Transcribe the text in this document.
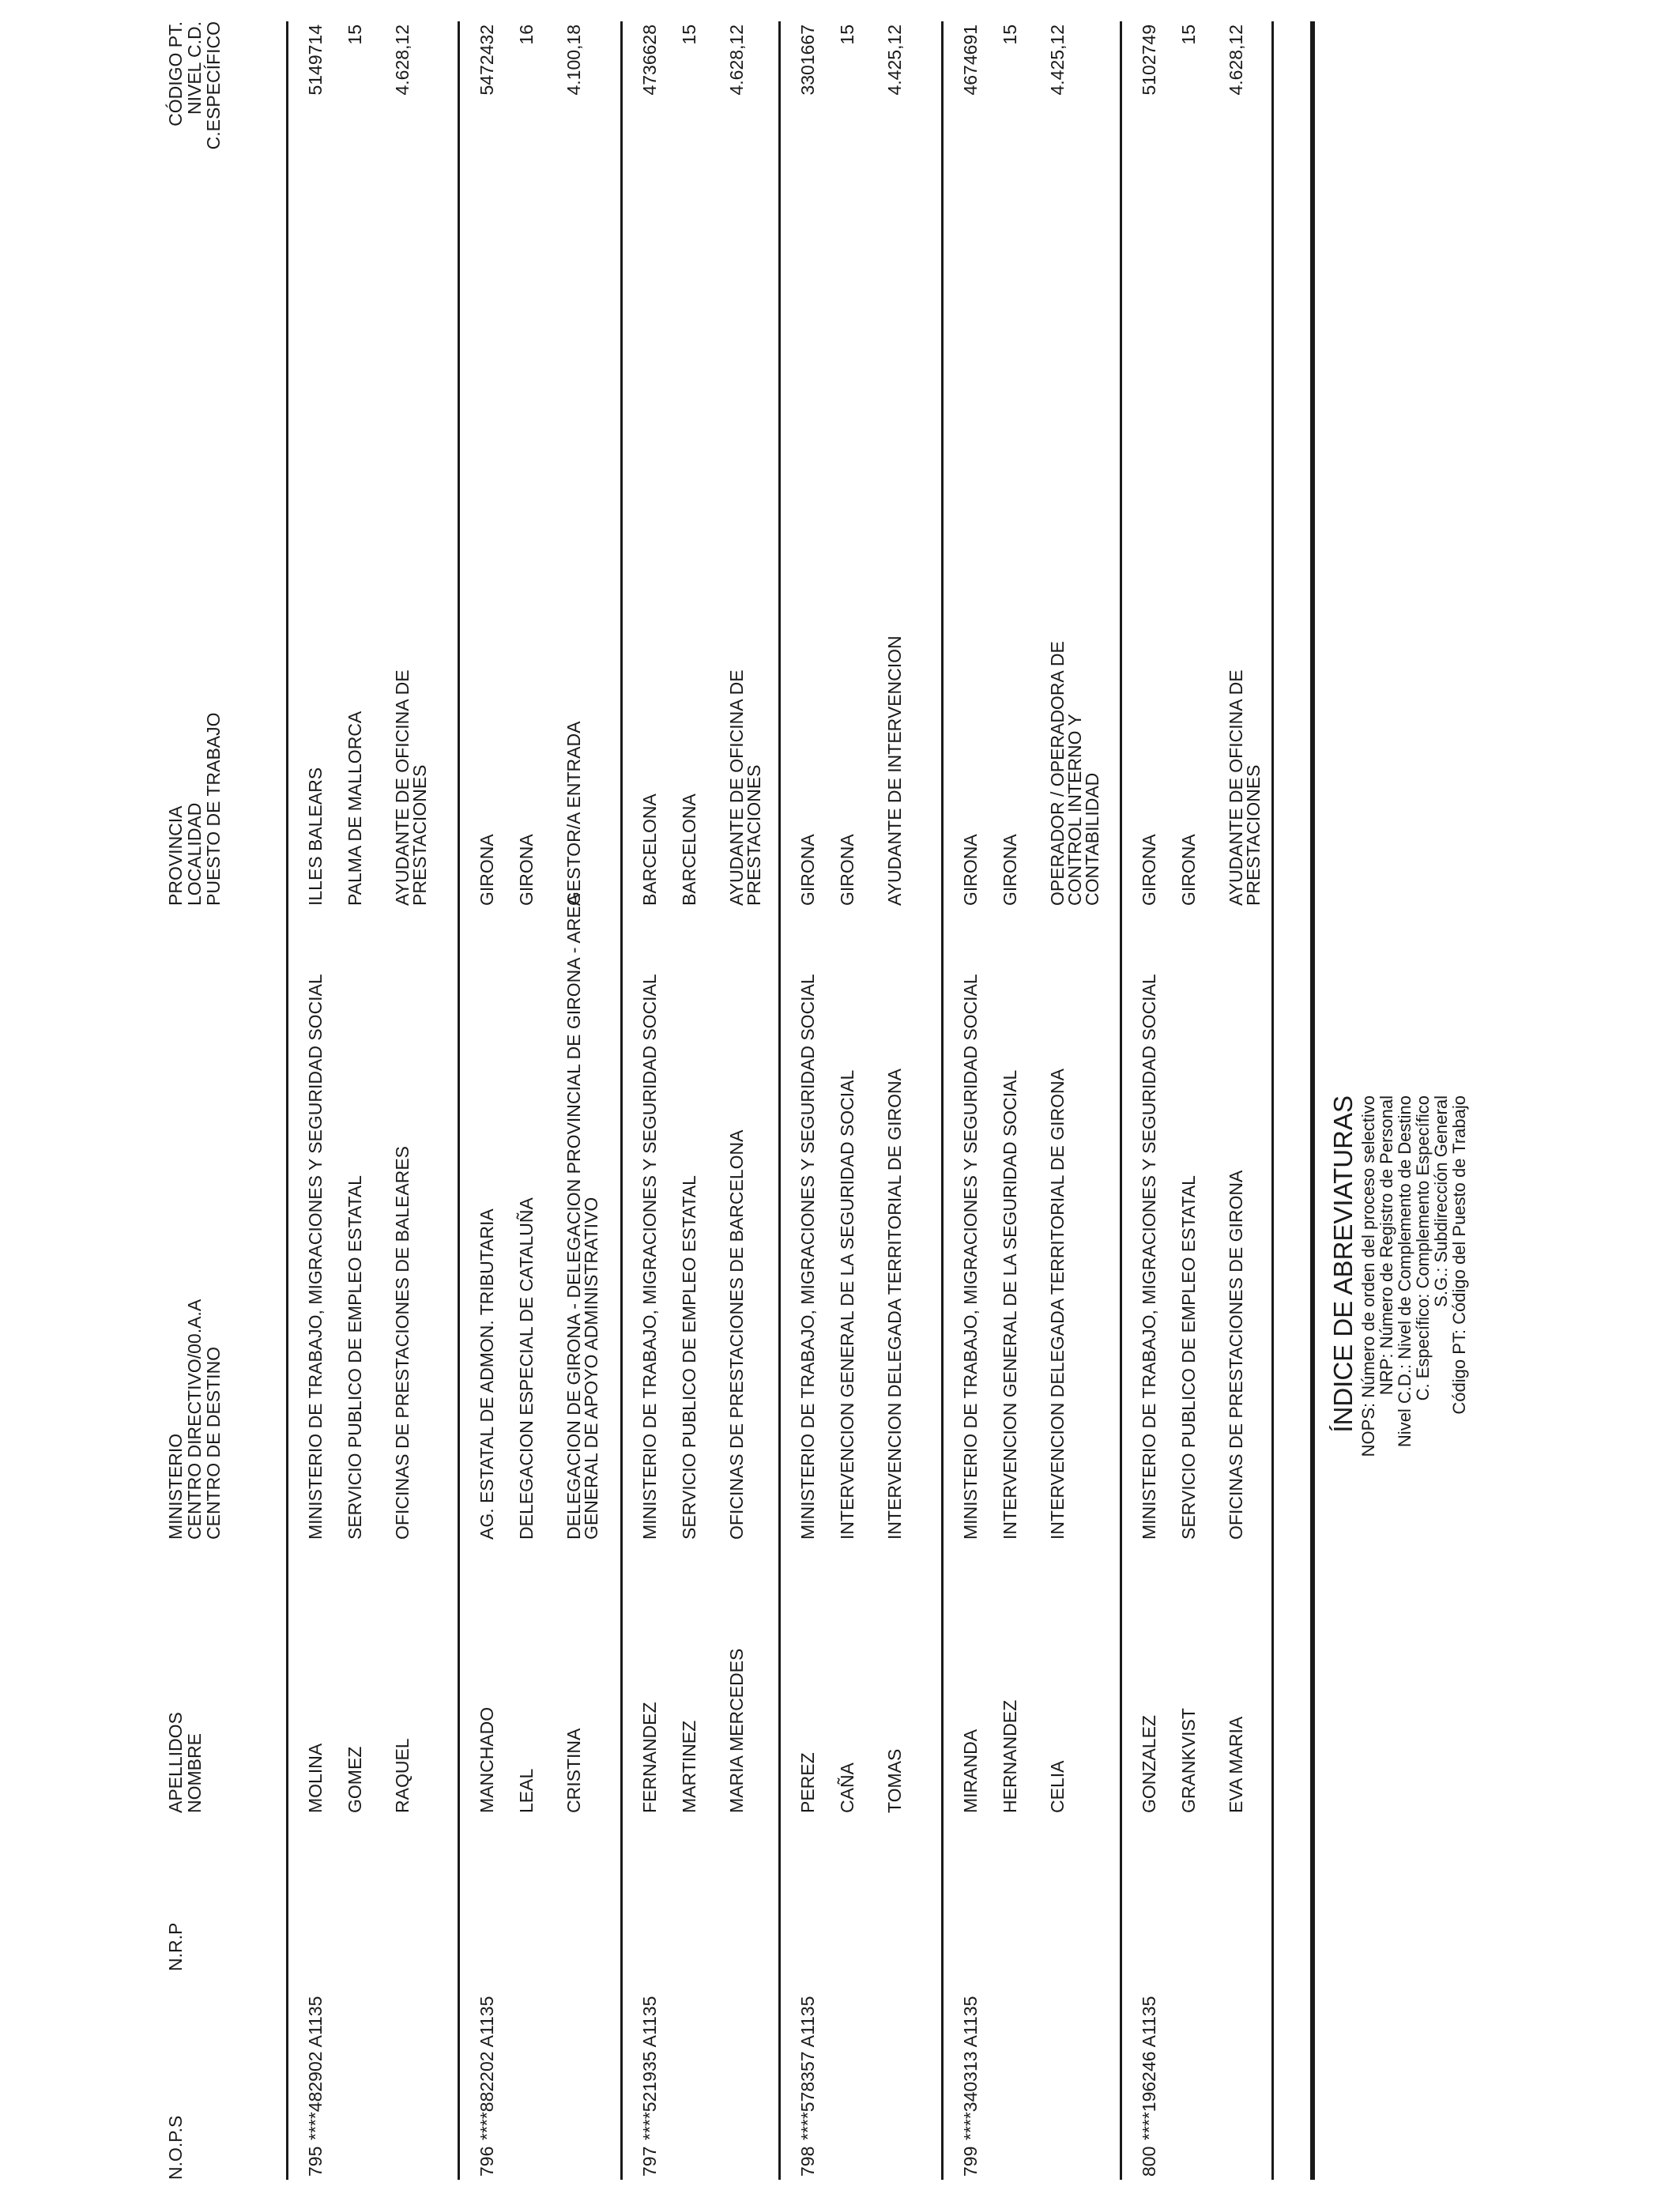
N.O.P.S
N.R.P
APELLIDOS
NOMBRE
MINISTERIO
CENTRO DIRECTIVO/00.A.A
CENTRO DE DESTINO
PROVINCIA
LOCALIDAD
PUESTO DE TRABAJO
CÓDIGO PT.
NIVEL C.D.
C.ESPECÍFICO
795
****482902 A1135
MOLINA GOMEZ RAQUEL
MINISTERIO DE TRABAJO, MIGRACIONES Y SEGURIDAD SOCIAL SERVICIO PUBLICO DE EMPLEO ESTATAL OFICINAS DE PRESTACIONES DE BALEARES
ILLES BALEARS PALMA DE MALLORCA AYUDANTE DE OFICINA DE
PRESTACIONES
5149714 15 4.628,12
796
****882202 A1135
MANCHADO LEAL CRISTINA
AG. ESTATAL DE ADMON. TRIBUTARIA DELEGACION ESPECIAL DE CATALUÑA DELEGACION DE GIRONA - DELEGACION PROVINCIAL DE GIRONA - AREA
GENERAL DE APOYO ADMINISTRATIVO
GIRONA GIRONA GESTOR/A ENTRADA
5472432 16 4.100,18
797
****521935 A1135
FERNANDEZ MARTINEZ MARIA MERCEDES
MINISTERIO DE TRABAJO, MIGRACIONES Y SEGURIDAD SOCIAL SERVICIO PUBLICO DE EMPLEO ESTATAL OFICINAS DE PRESTACIONES DE BARCELONA
BARCELONA BARCELONA AYUDANTE DE OFICINA DE
PRESTACIONES
4736628 15 4.628,12
798
****578357 A1135
PEREZ CAÑA TOMAS
MINISTERIO DE TRABAJO, MIGRACIONES Y SEGURIDAD SOCIAL INTERVENCION GENERAL DE LA SEGURIDAD SOCIAL INTERVENCION DELEGADA TERRITORIAL DE GIRONA
GIRONA GIRONA AYUDANTE DE INTERVENCION
3301667 15 4.425,12
799
****340313 A1135
MIRANDA HERNANDEZ CELIA
MINISTERIO DE TRABAJO, MIGRACIONES Y SEGURIDAD SOCIAL INTERVENCION GENERAL DE LA SEGURIDAD SOCIAL INTERVENCION DELEGADA TERRITORIAL DE GIRONA
GIRONA GIRONA OPERADOR / OPERADORA DE
CONTROL INTERNO Y
CONTABILIDAD
4674691 15 4.425,12
800
****196246 A1135
GONZALEZ GRANKVIST EVA MARIA
MINISTERIO DE TRABAJO, MIGRACIONES Y SEGURIDAD SOCIAL SERVICIO PUBLICO DE EMPLEO ESTATAL OFICINAS DE PRESTACIONES DE GIRONA
GIRONA GIRONA AYUDANTE DE OFICINA DE
PRESTACIONES
5102749 15 4.628,12
ÍNDICE DE ABREVIATURAS NOPS: Número de orden del proceso selectivo
NRP: Número de Registro de Personal
Nivel C.D.: Nivel de Complemento de Destino
C. Específico: Complemento Específico
S.G.: Subdirección General
Código PT: Código del Puesto de Trabajo
